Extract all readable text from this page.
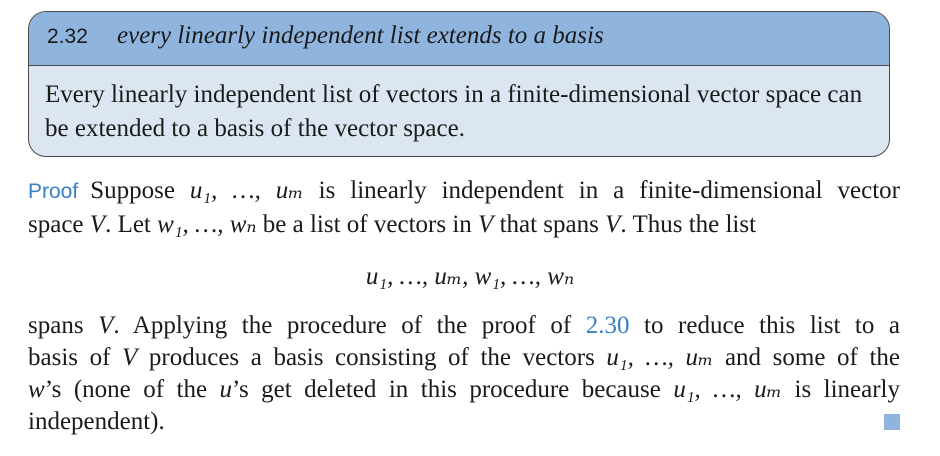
2.32 every linearly independent list extends to a basis
Every linearly independent list of vectors in a finite-dimensional vector space can be extended to a basis of the vector space.
Proof Suppose u₁, …, uₘ is linearly independent in a finite-dimensional vector
space V. Let w₁, …, wₙ be a list of vectors in V that spans V. Thus the list
u₁, …, uₘ, w₁, …, wₙ
spans V. Applying the procedure of the proof of 2.30 to reduce this list to a
basis of V produces a basis consisting of the vectors u₁, …, uₘ and some of the
w’s (none of the u’s get deleted in this procedure because u₁, …, uₘ is linearly
independent).
